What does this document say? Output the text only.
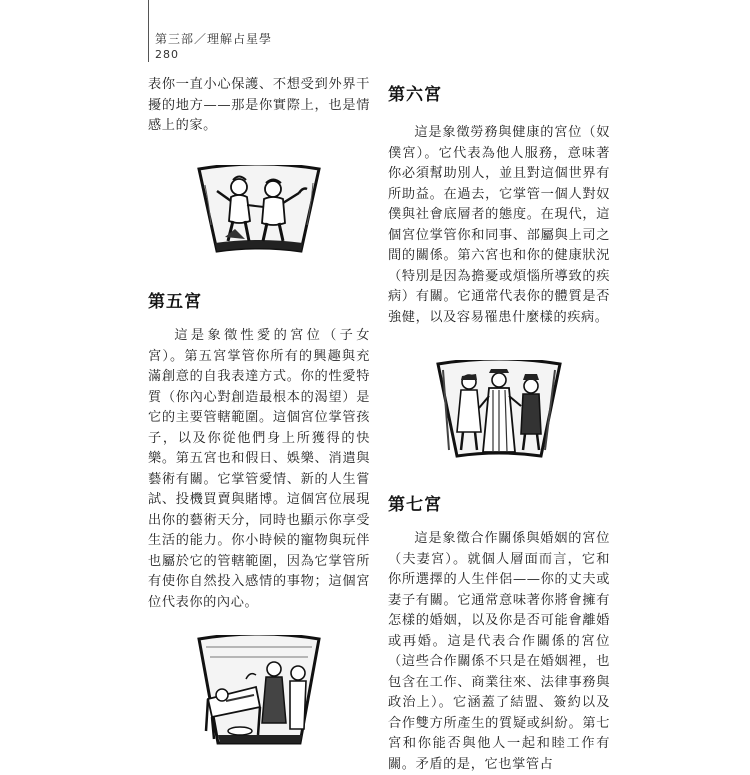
第三部／理解占星學
280

表你一直小心保護、不想受到外界干擾的地方——那是你實際上，也是情感上的家。

第五宮

這是象徵性愛的宮位（子女宮）。第五宮掌管你所有的興趣與充滿創意的自我表達方式。你的性愛特質（你內心對創造最根本的渴望）是它的主要管轄範圍。這個宮位掌管孩子，以及你從他們身上所獲得的快樂。第五宮也和假日、娛樂、消遣與藝術有關。它掌管愛情、新的人生嘗試、投機買賣與賭博。這個宮位展現出你的藝術天分，同時也顯示你享受生活的能力。你小時候的寵物與玩伴也屬於它的管轄範圍，因為它掌管所有使你自然投入感情的事物；這個宮位代表你的內心。

第六宮

這是象徵勞務與健康的宮位（奴僕宮）。它代表為他人服務，意味著你必須幫助別人，並且對這個世界有所助益。在過去，它掌管一個人對奴僕與社會底層者的態度。在現代，這個宮位掌管你和同事、部屬與上司之間的關係。第六宮也和你的健康狀況（特別是因為擔憂或煩惱所導致的疾病）有關。它通常代表你的體質是否強健，以及容易罹患什麼樣的疾病。

第七宮

這是象徵合作關係與婚姻的宮位（夫妻宮）。就個人層面而言，它和你所選擇的人生伴侶——你的丈夫或妻子有關。它通常意味著你將會擁有怎樣的婚姻，以及你是否可能會離婚或再婚。這是代表合作關係的宮位（這些合作關係不只是在婚姻裡，也包含在工作、商業往來、法律事務與政治上）。它涵蓋了結盟、簽約以及合作雙方所產生的質疑或糾紛。第七宮和你能否與他人一起和睦工作有關。矛盾的是，它也掌管占
